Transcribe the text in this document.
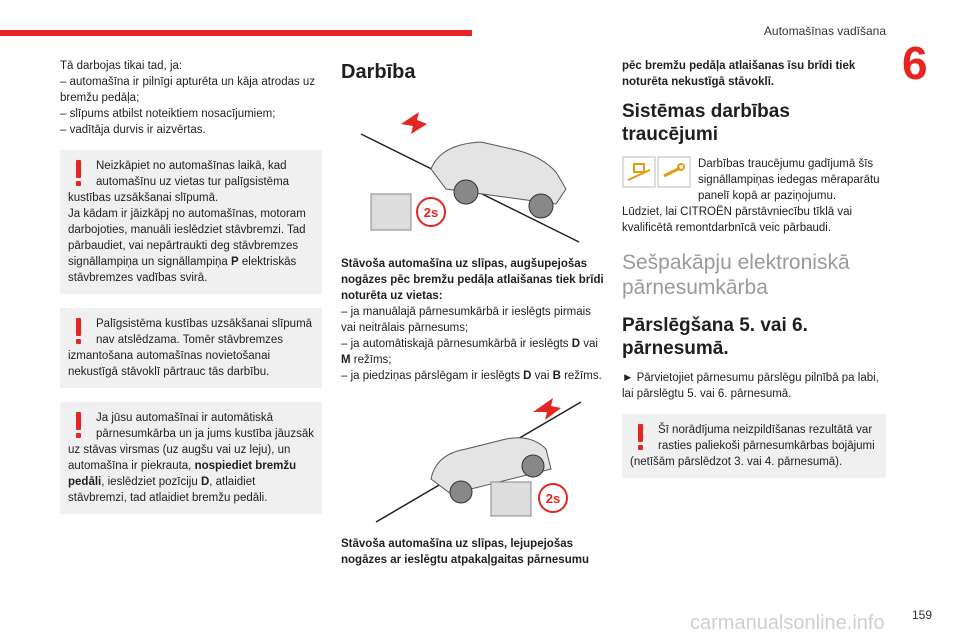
Automašīnas vadīšana
6

Tā darbojas tikai tad, ja:

– automašīna ir pilnīgi apturēta un kāja atrodas uz bremžu pedāļa;

– slīpums atbilst noteiktiem nosacījumiem;

– vadītāja durvis ir aizvērtas.

Neizkāpiet no automašīnas laikā, kad automašīnu uz vietas tur palīgsistēma kustības uzsākšanai slīpumā.

Ja kādam ir jāizkāpj no automašīnas, motoram darbojoties, manuāli ieslēdziet stāvbremzi. Tad pārbaudiet, vai nepārtraukti deg stāvbremzes signāllampiņa un signāllampiņa P elektriskās stāvbremzes vadības svirā.

Palīgsistēma kustības uzsākšanai slīpumā nav atslēdzama. Tomēr stāvbremzes izmantošana automašīnas novietošanai nekustīgā stāvoklī pārtrauc tās darbību.

Ja jūsu automašīnai ir automātiskā pārnesumkārba un ja jums kustība jāuzsāk uz stāvas virsmas (uz augšu vai uz leju), un automašīna ir piekrauta, nospiediet bremžu pedāli, ieslēdziet pozīciju D, atlaidiet stāvbremzi, tad atlaidiet bremžu pedāli.

Darbība
2s

Stāvoša automašīna uz slīpas, augšupejošas nogāzes pēc bremžu pedāļa atlaišanas tiek brīdi noturēta uz vietas:

– ja manuālajā pārnesumkārbā ir ieslēgts pirmais vai neitrālais pārnesums;

– ja automātiskajā pārnesumkārbā ir ieslēgts D vai M režīms;

– ja piedziņas pārslēgam ir ieslēgts D vai B režīms.

2s

Stāvoša automašīna uz slīpas, lejupejošas nogāzes ar ieslēgtu atpakaļgaitas pārnesumu

pēc bremžu pedāļa atlaišanas īsu brīdi tiek noturēta nekustīgā stāvoklī.

Sistēmas darbības traucējumi

Darbības traucējumu gadījumā šīs signāllampiņas iedegas mēraparātu panelī kopā ar paziņojumu.

Lūdziet, lai CITROËN pārstāvniecību tīklā vai kvalificētā remontdarbnīcā veic pārbaudi.

Sešpakāpju elektroniskā pārnesumkārba
Pārslēgšana 5. vai 6. pārnesumā.

► Pārvietojiet pārnesumu pārslēgu pilnībā pa labi, lai pārslēgtu 5. vai 6. pārnesumā.

Šī norādījuma neizpildīšanas rezultātā var rasties paliekoši pārnesumkārbas bojājumi (netīšām pārslēdzot 3. vai 4. pārnesumā).

carmanualsonline.info 159
